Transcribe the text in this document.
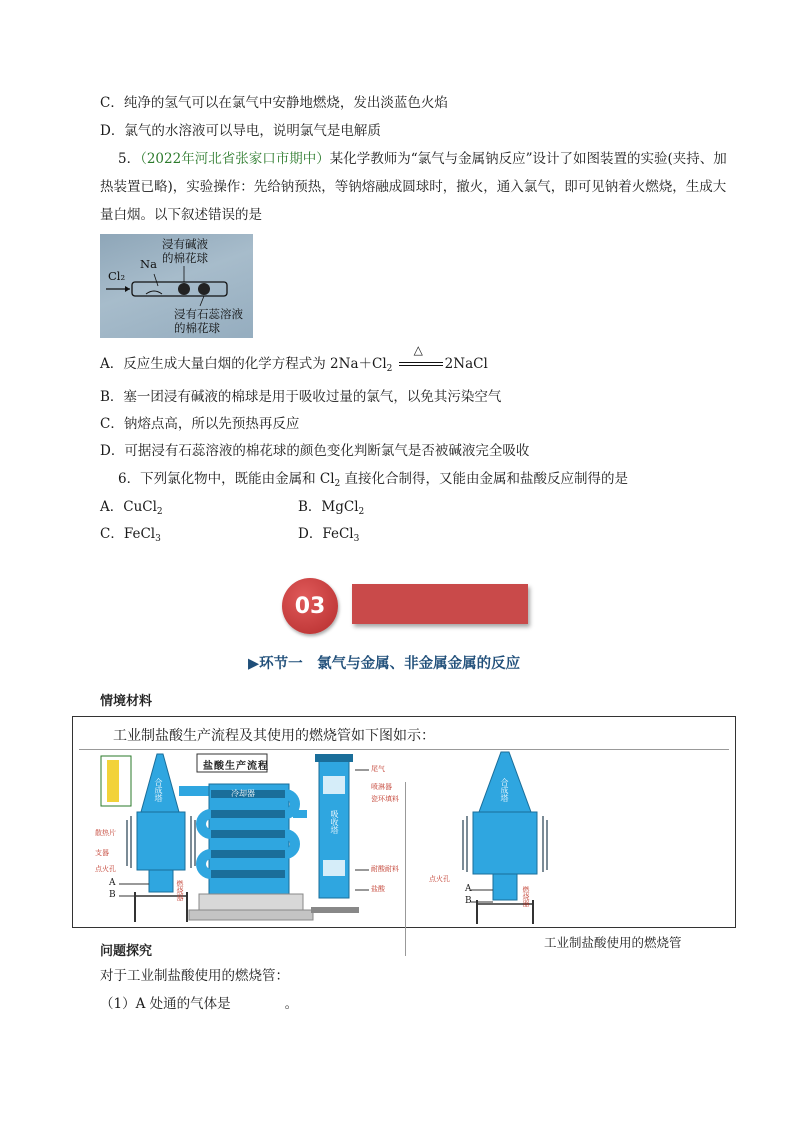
C．纯净的氢气可以在氯气中安静地燃烧，发出淡蓝色火焰
D．氯气的水溶液可以导电，说明氯气是电解质
5．（2022年河北省张家口市期中）某化学教师为“氯气与金属钠反应”设计了如图装置的实验(夹持、加
热装置已略)，实验操作：先给钠预热，等钠熔融成圆球时，撤火，通入氯气，即可见钠着火燃烧，生成大
量白烟。以下叙述错误的是
Cl₂
Na
浸有碱液
的棉花球
浸有石蕊溶液
的棉花球
A．反应生成大量白烟的化学方程式为 $2Na+Cl_2$
△
2NaCl
B．塞一团浸有碱液的棉球是用于吸收过量的氯气，以免其污染空气
C．钠熔点高，所以先预热再反应
D．可据浸有石蕊溶液的棉花球的颜色变化判断氯气是否被碱液完全吸收
6．下列氯化物中，既能由金属和 $Cl_2$ 直接化合制得，又能由金属和盐酸反应制得的是
A．CuCl$_2$	B．MgCl$_2$
C．FeCl$_3$	D．FeCl$_3$
03
▶环节一　氯气与金属、非金属金属的反应
情境材料
工业制盐酸生产流程及其使用的燃烧管如下图如示：
盐酸生产流程
合成塔	冷却器
吸收塔
散热片
支器
点火孔
A
B	燃烧器
尾气
喷淋器
瓷环填料
耐酸耐料
盐酸
合成塔
点火孔
A
B	燃烧器
工业制盐酸使用的燃烧管
问题探究
对于工业制盐酸使用的燃烧管：
（1）A 处通的气体是________。
